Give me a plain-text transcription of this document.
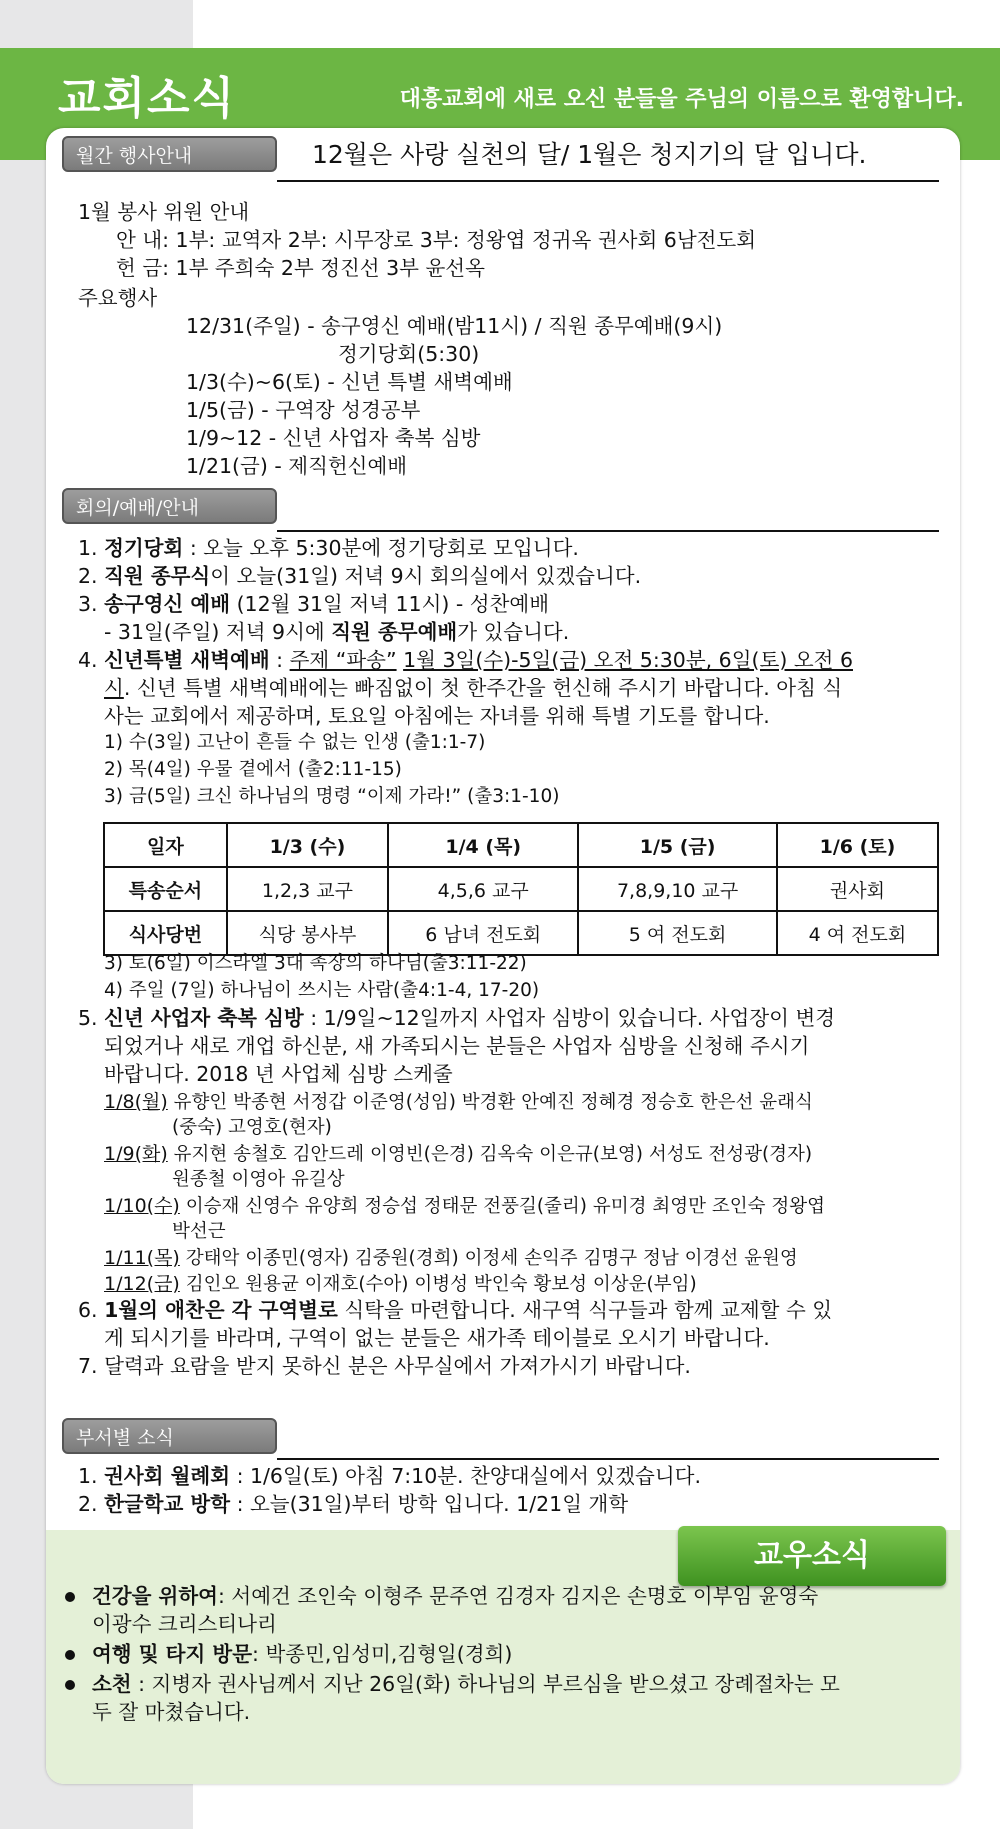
교회소식	대흥교회에 새로 오신 분들을 주님의 이름으로 환영합니다.
월간 행사안내	12월은 사랑 실천의 달/ 1월은 청지기의 달 입니다.
1월 봉사 위원 안내
안 내: 1부: 교역자 2부: 시무장로 3부: 정왕엽 정귀옥 권사회 6남전도회
헌 금: 1부 주희숙 2부 정진선 3부 윤선옥
주요행사
12/31(주일) - 송구영신 예배(밤11시) / 직원 종무예배(9시)
정기당회(5:30)
1/3(수)~6(토) - 신년 특별 새벽예배
1/5(금) - 구역장 성경공부
1/9~12 - 신년 사업자 축복 심방
1/21(금) - 제직헌신예배
회의/예배/안내
1. 정기당회 : 오늘 오후 5:30분에 정기당회로 모입니다.
2. 직원 종무식이 오늘(31일) 저녁 9시 회의실에서 있겠습니다.
3. 송구영신 예배 (12월 31일 저녁 11시) - 성찬예배
- 31일(주일) 저녁 9시에 직원 종무예배가 있습니다.
4. 신년특별 새벽예배 : 주제 “파송” 1월 3일(수)-5일(금) 오전 5:30분, 6일(토) 오전 6
시. 신년 특별 새벽예배에는 빠짐없이 첫 한주간을 헌신해 주시기 바랍니다. 아침 식
사는 교회에서 제공하며, 토요일 아침에는 자녀를 위해 특별 기도를 합니다.
1) 수(3일) 고난이 흔들 수 없는 인생 (출1:1-7)
2) 목(4일) 우물 곁에서 (출2:11-15)
3) 금(5일) 크신 하나님의 명령 “이제 가라!” (출3:1-10)
일자	1/3 (수)	1/4 (목)	1/5 (금)	1/6 (토)
특송순서	1,2,3 교구	4,5,6 교구	7,8,9,10 교구	권사회
식사당번	식당 봉사부	6 남녀 전도회	5 여 전도회	4 여 전도회
3) 토(6일) 이스라엘 3대 족장의 하나님(출3:11-22)
4) 주일 (7일) 하나님이 쓰시는 사람(출4:1-4, 17-20)
5. 신년 사업자 축복 심방 : 1/9일~12일까지 사업자 심방이 있습니다. 사업장이 변경
되었거나 새로 개업 하신분, 새 가족되시는 분들은 사업자 심방을 신청해 주시기
바랍니다. 2018 년 사업체 심방 스케줄
1/8(월) 유향인 박종현 서정갑 이준영(성임) 박경환 안예진 정혜경 정승호 한은선 윤래식
(중숙) 고영호(현자)
1/9(화) 유지현 송철호 김안드레 이영빈(은경) 김옥숙 이은규(보영) 서성도 전성광(경자)
원종철 이영아 유길상
1/10(수) 이승재 신영수 유양희 정승섭 정태문 전풍길(줄리) 유미경 최영만 조인숙 정왕엽
박선근
1/11(목) 강태악 이종민(영자) 김중원(경희) 이정세 손익주 김명구 정남 이경선 윤원영
1/12(금) 김인오 원용균 이재호(수아) 이병성 박인숙 황보성 이상운(부임)
6. 1월의 애찬은 각 구역별로 식탁을 마련합니다. 새구역 식구들과 함께 교제할 수 있
게 되시기를 바라며, 구역이 없는 분들은 새가족 테이블로 오시기 바랍니다.
7. 달력과 요람을 받지 못하신 분은 사무실에서 가져가시기 바랍니다.
부서별 소식
1. 권사회 월례회 : 1/6일(토) 아침 7:10분. 찬양대실에서 있겠습니다.
2. 한글학교 방학 : 오늘(31일)부터 방학 입니다. 1/21일 개학
교우소식
건강을 위하여: 서예건 조인숙 이형주 문주연 김경자 김지은 손명호 이부임 윤영숙
이광수 크리스티나리
여행 및 타지 방문: 박종민,임성미,김형일(경희)
소천 : 지병자 권사님께서 지난 26일(화) 하나님의 부르심을 받으셨고 장례절차는 모
두 잘 마쳤습니다.
